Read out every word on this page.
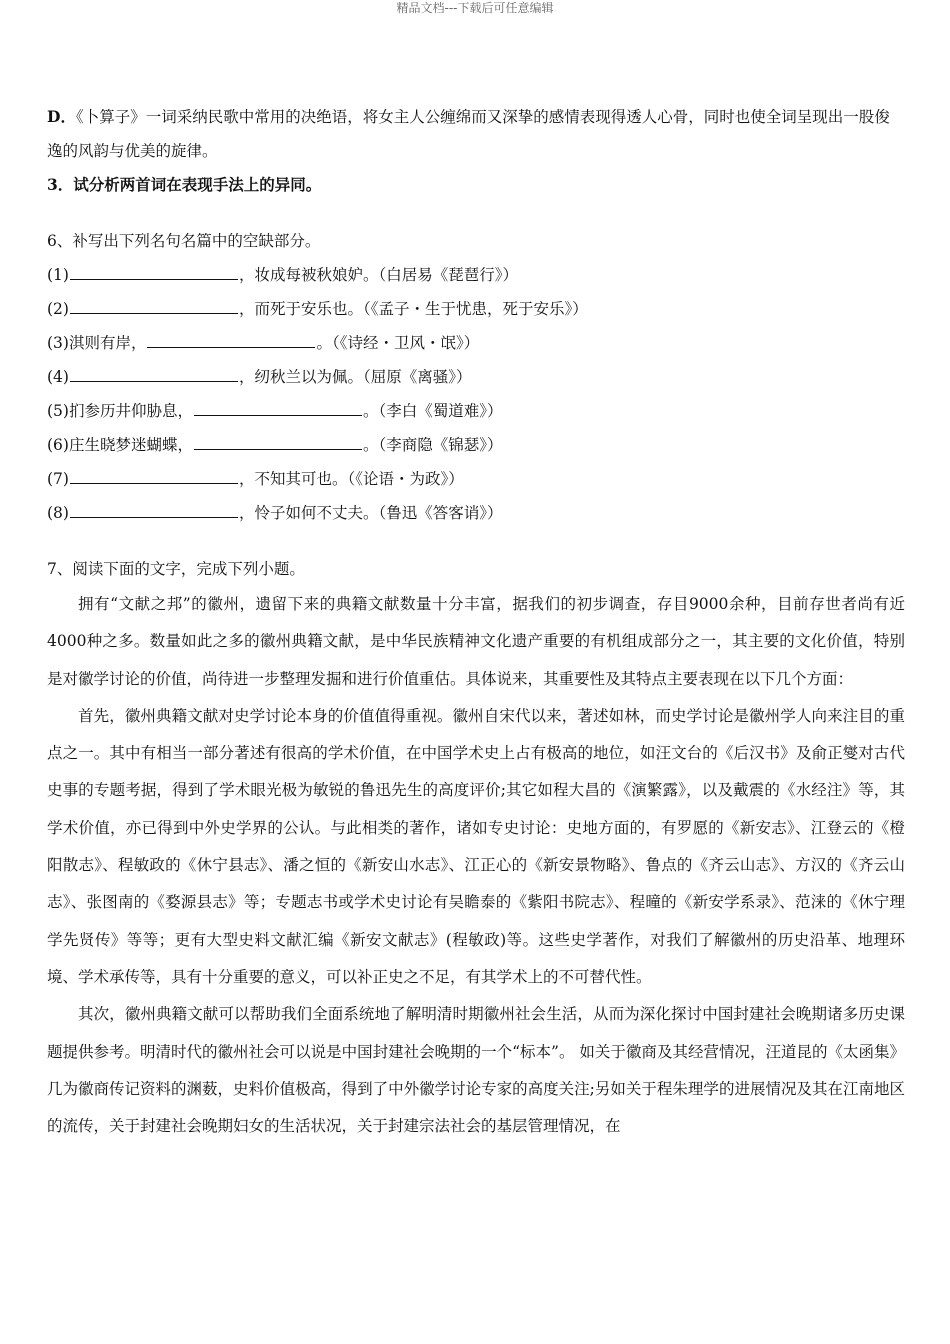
精品文档---下载后可任意编辑
D．《卜算子》一词采纳民歌中常用的决绝语，将女主人公缠绵而又深挚的感情表现得透人心骨，同时也使全词呈现出一股俊逸的风韵与优美的旋律。
3．试分析两首词在表现手法上的异同。
6、补写出下列名句名篇中的空缺部分。
(1)	，妆成每被秋娘妒。（白居易《琵琶行》）
(2)	，而死于安乐也。（《孟子・生于忧患，死于安乐》）
(3)淇则有岸，	。（《诗经・卫风・氓》）
(4)	，纫秋兰以为佩。（屈原《离骚》）
(5)扪参历井仰胁息，	。（李白《蜀道难》）
(6)庄生晓梦迷蝴蝶，	。（李商隐《锦瑟》）
(7)	，不知其可也。（《论语・为政》）
(8)	，怜子如何不丈夫。（鲁迅《答客诮》）
7、阅读下面的文字，完成下列小题。

拥有“文献之邦”的徽州，遗留下来的典籍文献数量十分丰富，据我们的初步调查，存目9000余种，目前存世者尚有近4000种之多。数量如此之多的徽州典籍文献，是中华民族精神文化遗产重要的有机组成部分之一，其主要的文化价值，特别是对徽学讨论的价值，尚待进一步整理发掘和进行价值重估。具体说来，其重要性及其特点主要表现在以下几个方面：

首先，徽州典籍文献对史学讨论本身的价值值得重视。徽州自宋代以来，著述如林，而史学讨论是徽州学人向来注目的重点之一。其中有相当一部分著述有很高的学术价值，在中国学术史上占有极高的地位，如汪文台的《后汉书》及俞正燮对古代史事的专题考据，得到了学术眼光极为敏锐的鲁迅先生的高度评价;其它如程大昌的《演繁露》，以及戴震的《水经注》等，其学术价值，亦已得到中外史学界的公认。与此相类的著作，诸如专史讨论：史地方面的，有罗愿的《新安志》、江登云的《橙阳散志》、程敏政的《休宁县志》、潘之恒的《新安山水志》、江正心的《新安景物略》、鲁点的《齐云山志》、方汉的《齐云山志》、张图南的《婺源县志》等；专题志书或学术史讨论有吴瞻泰的《紫阳书院志》、程曈的《新安学系录》、范涞的《休宁理学先贤传》等等；更有大型史料文献汇编《新安文献志》(程敏政)等。这些史学著作，对我们了解徽州的历史沿革、地理环境、学术承传等，具有十分重要的意义，可以补正史之不足，有其学术上的不可替代性。

其次，徽州典籍文献可以帮助我们全面系统地了解明清时期徽州社会生活，从而为深化探讨中国封建社会晚期诸多历史课题提供参考。明清时代的徽州社会可以说是中国封建社会晚期的一个“标本”。 如关于徽商及其经营情况，汪道昆的《太函集》几为徽商传记资料的渊薮，史料价值极高，得到了中外徽学讨论专家的高度关注;另如关于程朱理学的进展情况及其在江南地区的流传，关于封建社会晚期妇女的生活状况，关于封建宗法社会的基层管理情况，在
